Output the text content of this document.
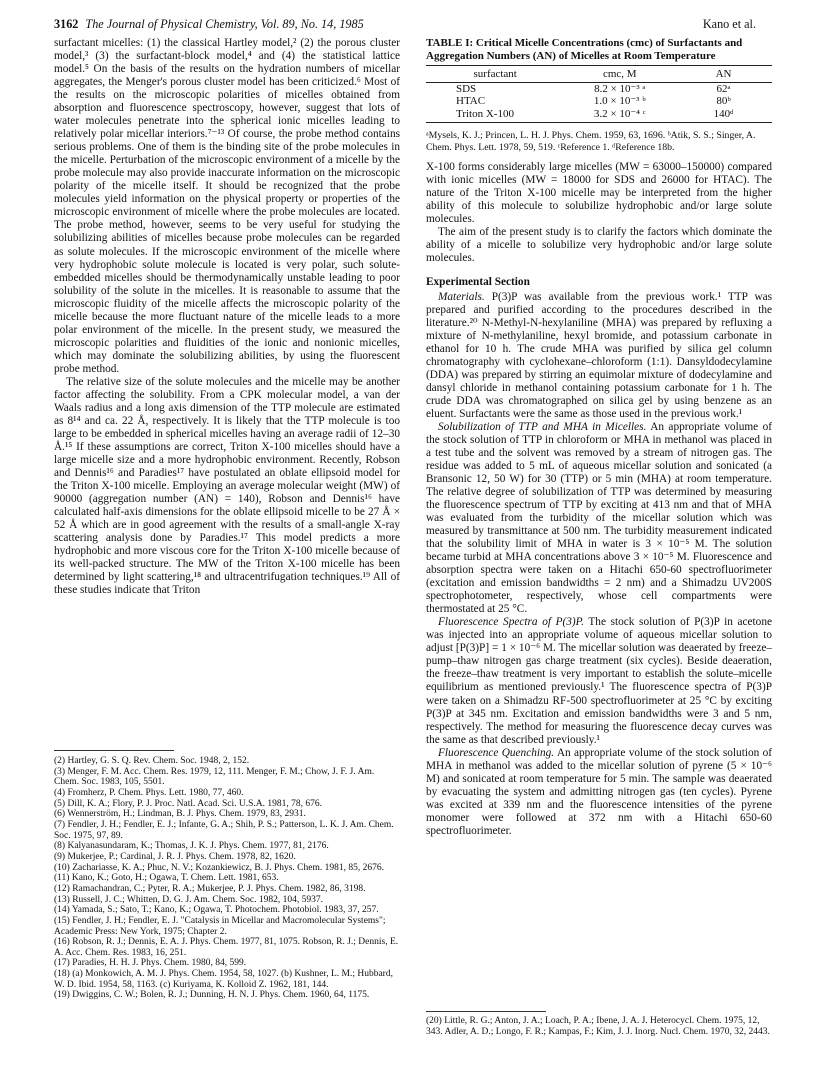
3162 The Journal of Physical Chemistry, Vol. 89, No. 14, 1985	Kano et al.

surfactant micelles: (1) the classical Hartley model,² (2) the porous cluster model,³ (3) the surfactant-block model,⁴ and (4) the statistical lattice model.⁵ On the basis of the results on the hydration numbers of micellar aggregates, the Menger's porous cluster model has been criticized.⁶ Most of the results on the microscopic polarities of micelles obtained from absorption and fluorescence spectroscopy, however, suggest that lots of water molecules penetrate into the spherical ionic micelles leading to relatively polar micellar interiors.⁷⁻¹³ Of course, the probe method contains serious problems. One of them is the binding site of the probe molecules in the micelle. Perturbation of the microscopic environment of a micelle by the probe molecule may also provide inaccurate information on the microscopic polarity of the micelle itself. It should be recognized that the probe molecules yield information on the physical property or properties of the microscopic environment of micelle where the probe molecules are located. The probe method, however, seems to be very useful for studying the solubilizing abilities of micelles because probe molecules can be regarded as solute molecules. If the microscopic environment of the micelle where very hydrophobic solute molecule is located is very polar, such solute-embedded micelles should be thermodynamically unstable leading to poor solubility of the solute in the micelles. It is reasonable to assume that the microscopic fluidity of the micelle affects the microscopic polarity of the micelle because the more fluctuant nature of the micelle leads to a more polar environment of the micelle. In the present study, we measured the microscopic polarities and fluidities of the ionic and nonionic micelles, which may dominate the solubilizing abilities, by using the fluorescent probe method.

The relative size of the solute molecules and the micelle may be another factor affecting the solubility. From a CPK molecular model, a van der Waals radius and a long axis dimension of the TTP molecule are estimated as 8¹⁴ and ca. 22 Å, respectively. It is likely that the TTP molecule is too large to be embedded in spherical micelles having an average radii of 12–30 Å.¹⁵ If these assumptions are correct, Triton X-100 micelles should have a large micelle size and a more hydrophobic environment. Recently, Robson and Dennis¹⁶ and Paradies¹⁷ have postulated an oblate ellipsoid model for the Triton X-100 micelle. Employing an average molecular weight (MW) of 90000 (aggregation number (AN) = 140), Robson and Dennis¹⁶ have calculated half-axis dimensions for the oblate ellipsoid micelle to be 27 Å × 52 Å which are in good agreement with the results of a small-angle X-ray scattering analysis done by Paradies.¹⁷ This model predicts a more hydrophobic and more viscous core for the Triton X-100 micelle because of its well-packed structure. The MW of the Triton X-100 micelle has been determined by light scattering,¹⁸ and ultracentrifugation techniques.¹⁹ All of these studies indicate that Triton

(2) Hartley, G. S. Q. Rev. Chem. Soc. 1948, 2, 152.
(3) Menger, F. M. Acc. Chem. Res. 1979, 12, 111. Menger, F. M.; Chow, J. F. J. Am. Chem. Soc. 1983, 105, 5501.
(4) Fromherz, P. Chem. Phys. Lett. 1980, 77, 460.
(5) Dill, K. A.; Flory, P. J. Proc. Natl. Acad. Sci. U.S.A. 1981, 78, 676.
(6) Wennerström, H.; Lindman, B. J. Phys. Chem. 1979, 83, 2931.
(7) Fendler, J. H.; Fendler, E. J.; Infante, G. A.; Shih, P. S.; Patterson, L. K. J. Am. Chem. Soc. 1975, 97, 89.
(8) Kalyanasundaram, K.; Thomas, J. K. J. Phys. Chem. 1977, 81, 2176.
(9) Mukerjee, P.; Cardinal, J. R. J. Phys. Chem. 1978, 82, 1620.
(10) Zachariasse, K. A.; Phuc, N. V.; Kozankiewicz, B. J. Phys. Chem. 1981, 85, 2676.
(11) Kano, K.; Goto, H.; Ogawa, T. Chem. Lett. 1981, 653.
(12) Ramachandran, C.; Pyter, R. A.; Mukerjee, P. J. Phys. Chem. 1982, 86, 3198.
(13) Russell, J. C.; Whitten, D. G. J. Am. Chem. Soc. 1982, 104, 5937.
(14) Yamada, S.; Sato, T.; Kano, K.; Ogawa, T. Photochem. Photobiol. 1983, 37, 257.
(15) Fendler, J. H.; Fendler, E. J. "Catalysis in Micellar and Macromolecular Systems"; Academic Press: New York, 1975; Chapter 2.
(16) Robson, R. J.; Dennis, E. A. J. Phys. Chem. 1977, 81, 1075. Robson, R. J.; Dennis, E. A. Acc. Chem. Res. 1983, 16, 251.
(17) Paradies, H. H. J. Phys. Chem. 1980, 84, 599.
(18) (a) Monkowich, A. M. J. Phys. Chem. 1954, 58, 1027. (b) Kushner, L. M.; Hubbard, W. D. Ibid. 1954, 58, 1163. (c) Kuriyama, K. Kolloid Z. 1962, 181, 144.
(19) Dwiggins, C. W.; Bolen, R. J.; Dunning, H. N. J. Phys. Chem. 1960, 64, 1175.
TABLE I: Critical Micelle Concentrations (cmc) of Surfactants and Aggregation Numbers (AN) of Micelles at Room Temperature
surfactant	cmc, M	AN
SDS	8.2 × 10⁻³ ᵃ	62ᵃ
HTAC	1.0 × 10⁻³ ᵇ	80ᵇ
Triton X-100	3.2 × 10⁻⁴ ᶜ	140ᵈ
ᵃMysels, K. J.; Princen, L. H. J. Phys. Chem. 1959, 63, 1696. ᵇAtik, S. S.; Singer, A. Chem. Phys. Lett. 1978, 59, 519. ᶜReference 1. ᵈReference 18b.

X-100 forms considerably large micelles (MW = 63000–150000) compared with ionic micelles (MW = 18000 for SDS and 26000 for HTAC). The nature of the Triton X-100 micelle may be interpreted from the higher ability of this molecule to solubilize hydrophobic and/or large solute molecules.

The aim of the present study is to clarify the factors which dominate the ability of a micelle to solubilize very hydrophobic and/or large solute molecules.

Experimental Section

Materials. P(3)P was available from the previous work.¹ TTP was prepared and purified according to the procedures described in the literature.²⁰ N-Methyl-N-hexylaniline (MHA) was prepared by refluxing a mixture of N-methylaniline, hexyl bromide, and potassium carbonate in ethanol for 10 h. The crude MHA was purified by silica gel column chromatography with cyclohexane–chloroform (1:1). Dansyldodecylamine (DDA) was prepared by stirring an equimolar mixture of dodecylamine and dansyl chloride in methanol containing potassium carbonate for 1 h. The crude DDA was chromatographed on silica gel by using benzene as an eluent. Surfactants were the same as those used in the previous work.¹

Solubilization of TTP and MHA in Micelles. An appropriate volume of the stock solution of TTP in chloroform or MHA in methanol was placed in a test tube and the solvent was removed by a stream of nitrogen gas. The residue was added to 5 mL of aqueous micellar solution and sonicated (a Bransonic 12, 50 W) for 30 (TTP) or 5 min (MHA) at room temperature. The relative degree of solubilization of TTP was determined by measuring the fluorescence spectrum of TTP by exciting at 413 nm and that of MHA was evaluated from the turbidity of the micellar solution which was measured by transmittance at 500 nm. The turbidity measurement indicated that the solubility limit of MHA in water is 3 × 10⁻⁵ M. The solution became turbid at MHA concentrations above 3 × 10⁻⁵ M. Fluorescence and absorption spectra were taken on a Hitachi 650-60 spectrofluorimeter (excitation and emission bandwidths = 2 nm) and a Shimadzu UV200S spectrophotometer, respectively, whose cell compartments were thermostated at 25 °C.

Fluorescence Spectra of P(3)P. The stock solution of P(3)P in acetone was injected into an appropriate volume of aqueous micellar solution to adjust [P(3)P] = 1 × 10⁻⁶ M. The micellar solution was deaerated by freeze–pump–thaw nitrogen gas charge treatment (six cycles). Beside deaeration, the freeze–thaw treatment is very important to establish the solute–micelle equilibrium as mentioned previously.¹ The fluorescence spectra of P(3)P were taken on a Shimadzu RF-500 spectrofluorimeter at 25 °C by exciting P(3)P at 345 nm. Excitation and emission bandwidths were 3 and 5 nm, respectively. The method for measuring the fluorescence decay curves was the same as that described previously.¹

Fluorescence Quenching. An appropriate volume of the stock solution of MHA in methanol was added to the micellar solution of pyrene (5 × 10⁻⁶ M) and sonicated at room temperature for 5 min. The sample was deaerated by evacuating the system and admitting nitrogen gas (ten cycles). Pyrene was excited at 339 nm and the fluorescence intensities of the pyrene monomer were followed at 372 nm with a Hitachi 650-60 spectrofluorimeter.

(20) Little, R. G.; Anton, J. A.; Loach, P. A.; Ibene, J. A. J. Heterocycl. Chem. 1975, 12, 343. Adler, A. D.; Longo, F. R.; Kampas, F.; Kim, J. J. Inorg. Nucl. Chem. 1970, 32, 2443.
